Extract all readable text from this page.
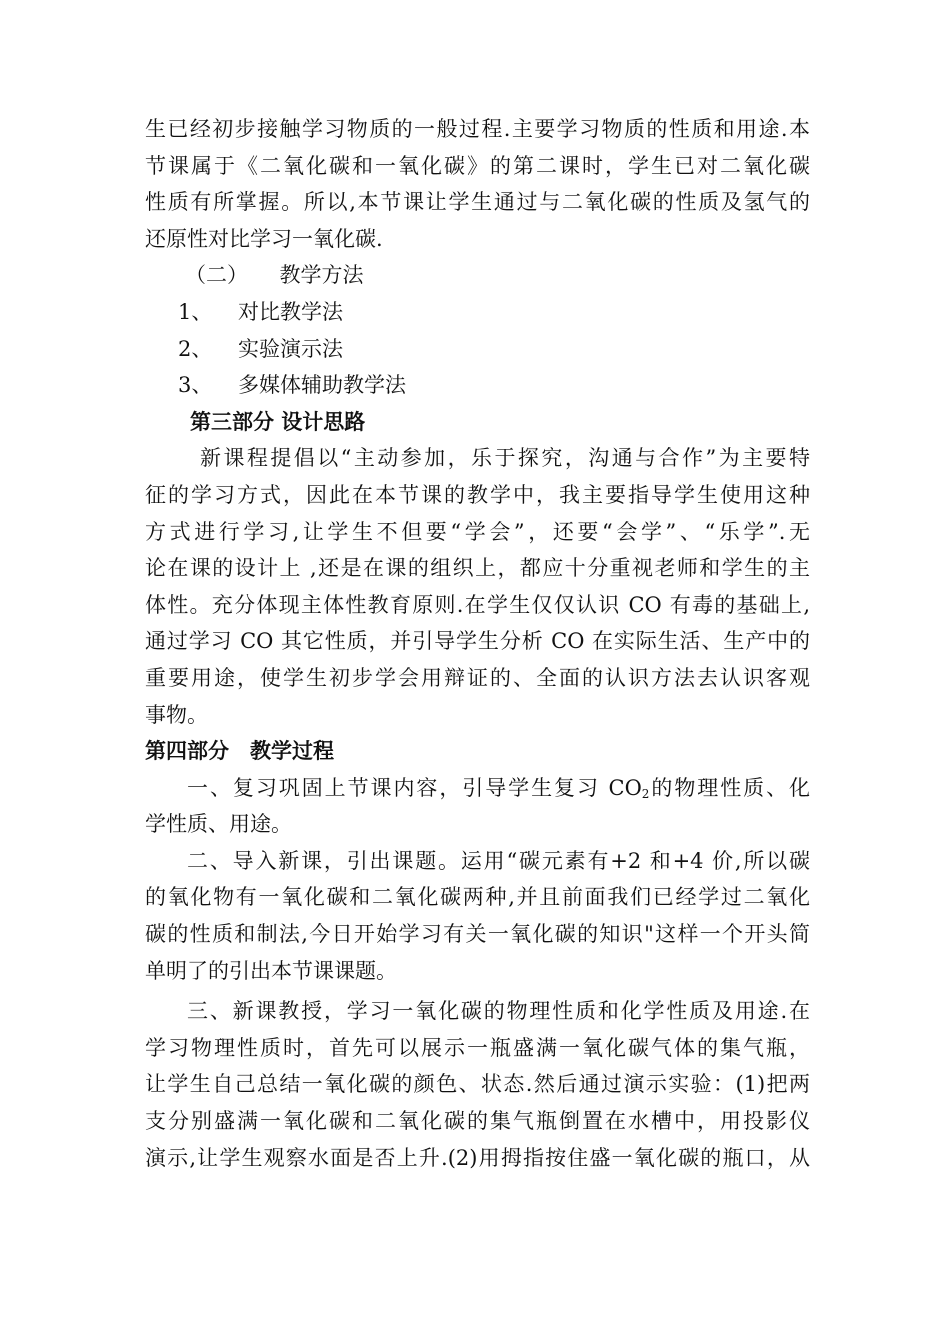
生已经初步接触学习物质的一般过程.主要学习物质的性质和用途.本
节课属于《二氧化碳和一氧化碳》的第二课时，学生已对二氧化碳
性质有所掌握。所以,本节课让学生通过与二氧化碳的性质及氢气的
还原性对比学习一氧化碳.
（二）　　教学方法
1、	对比教学法
2、	实验演示法
3、	多媒体辅助教学法
第三部分 设计思路
新课程提倡以“主动参加，乐于探究，沟通与合作”为主要特
征的学习方式，因此在本节课的教学中，我主要指导学生使用这种
方式进行学习,让学生不但要“学会”，还要“会学”、“乐学”.无
论在课的设计上 ,还是在课的组织上，都应十分重视老师和学生的主
体性。充分体现主体性教育原则.在学生仅仅认识 CO 有毒的基础上,
通过学习 CO 其它性质，并引导学生分析 CO 在实际生活、生产中的
重要用途，使学生初步学会用辩证的、全面的认识方法去认识客观
事物。
第四部分　教学过程
一、复习巩固上节课内容，引导学生复习 $CO_2$的物理性质、化
学性质、用途。
二、导入新课，引出课题。运用“碳元素有+2 和+4 价,所以碳
的氧化物有一氧化碳和二氧化碳两种,并且前面我们已经学过二氧化
碳的性质和制法,今日开始学习有关一氧化碳的知识"这样一个开头简
单明了的引出本节课课题。
三、新课教授，学习一氧化碳的物理性质和化学性质及用途.在
学习物理性质时，首先可以展示一瓶盛满一氧化碳气体的集气瓶，
让学生自己总结一氧化碳的颜色、状态.然后通过演示实验：(1)把两
支分别盛满一氧化碳和二氧化碳的集气瓶倒置在水槽中，用投影仪
演示,让学生观察水面是否上升.(2)用拇指按住盛一氧化碳的瓶口，从
